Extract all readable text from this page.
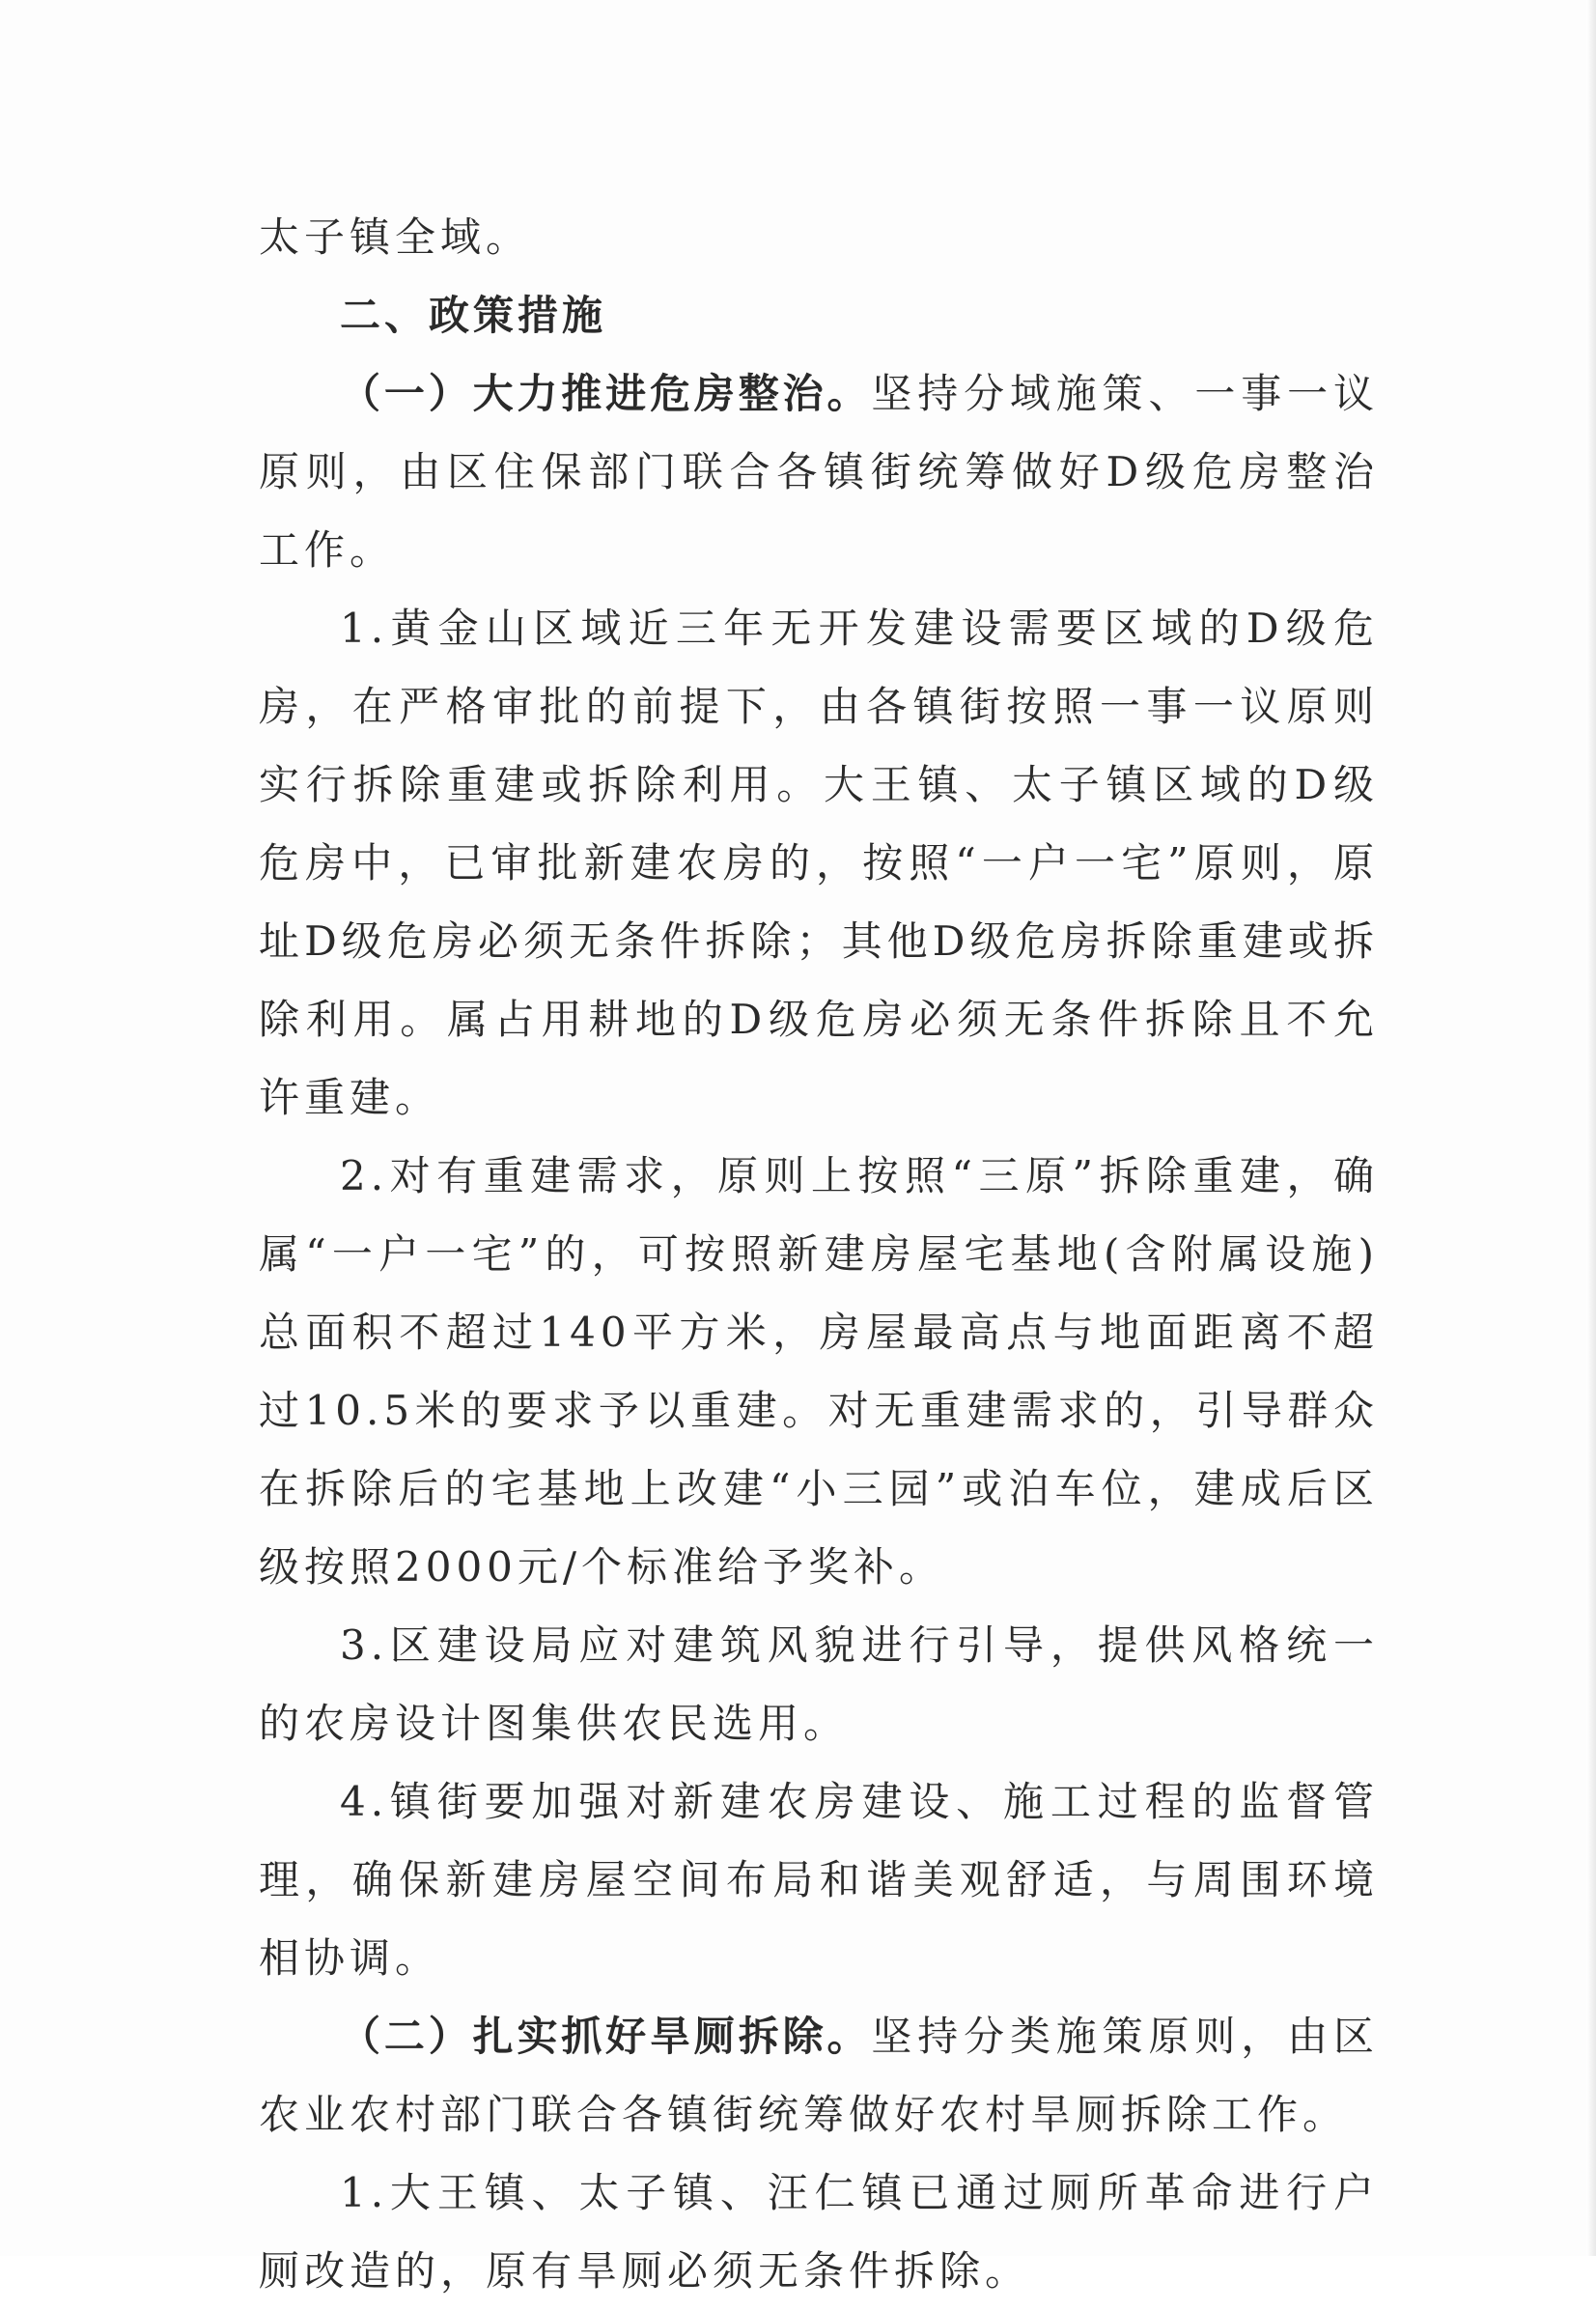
太子镇全域。

二、政策措施

（一）大力推进危房整治。坚持分域施策、一事一议原则，由区住保部门联合各镇街统筹做好D级危房整治工作。

1.黄金山区域近三年无开发建设需要区域的D级危房，在严格审批的前提下，由各镇街按照一事一议原则实行拆除重建或拆除利用。大王镇、太子镇区域的D级危房中，已审批新建农房的，按照“一户一宅”原则，原址D级危房必须无条件拆除；其他D级危房拆除重建或拆除利用。属占用耕地的D级危房必须无条件拆除且不允许重建。

2.对有重建需求，原则上按照“三原”拆除重建，确属“一户一宅”的，可按照新建房屋宅基地(含附属设施)总面积不超过140平方米，房屋最高点与地面距离不超过10.5米的要求予以重建。对无重建需求的，引导群众在拆除后的宅基地上改建“小三园”或泊车位，建成后区级按照2000元/个标准给予奖补。

3.区建设局应对建筑风貌进行引导，提供风格统一的农房设计图集供农民选用。

4.镇街要加强对新建农房建设、施工过程的监督管理，确保新建房屋空间布局和谐美观舒适，与周围环境相协调。

（二）扎实抓好旱厕拆除。坚持分类施策原则，由区农业农村部门联合各镇街统筹做好农村旱厕拆除工作。

1.大王镇、太子镇、汪仁镇已通过厕所革命进行户厕改造的，原有旱厕必须无条件拆除。
